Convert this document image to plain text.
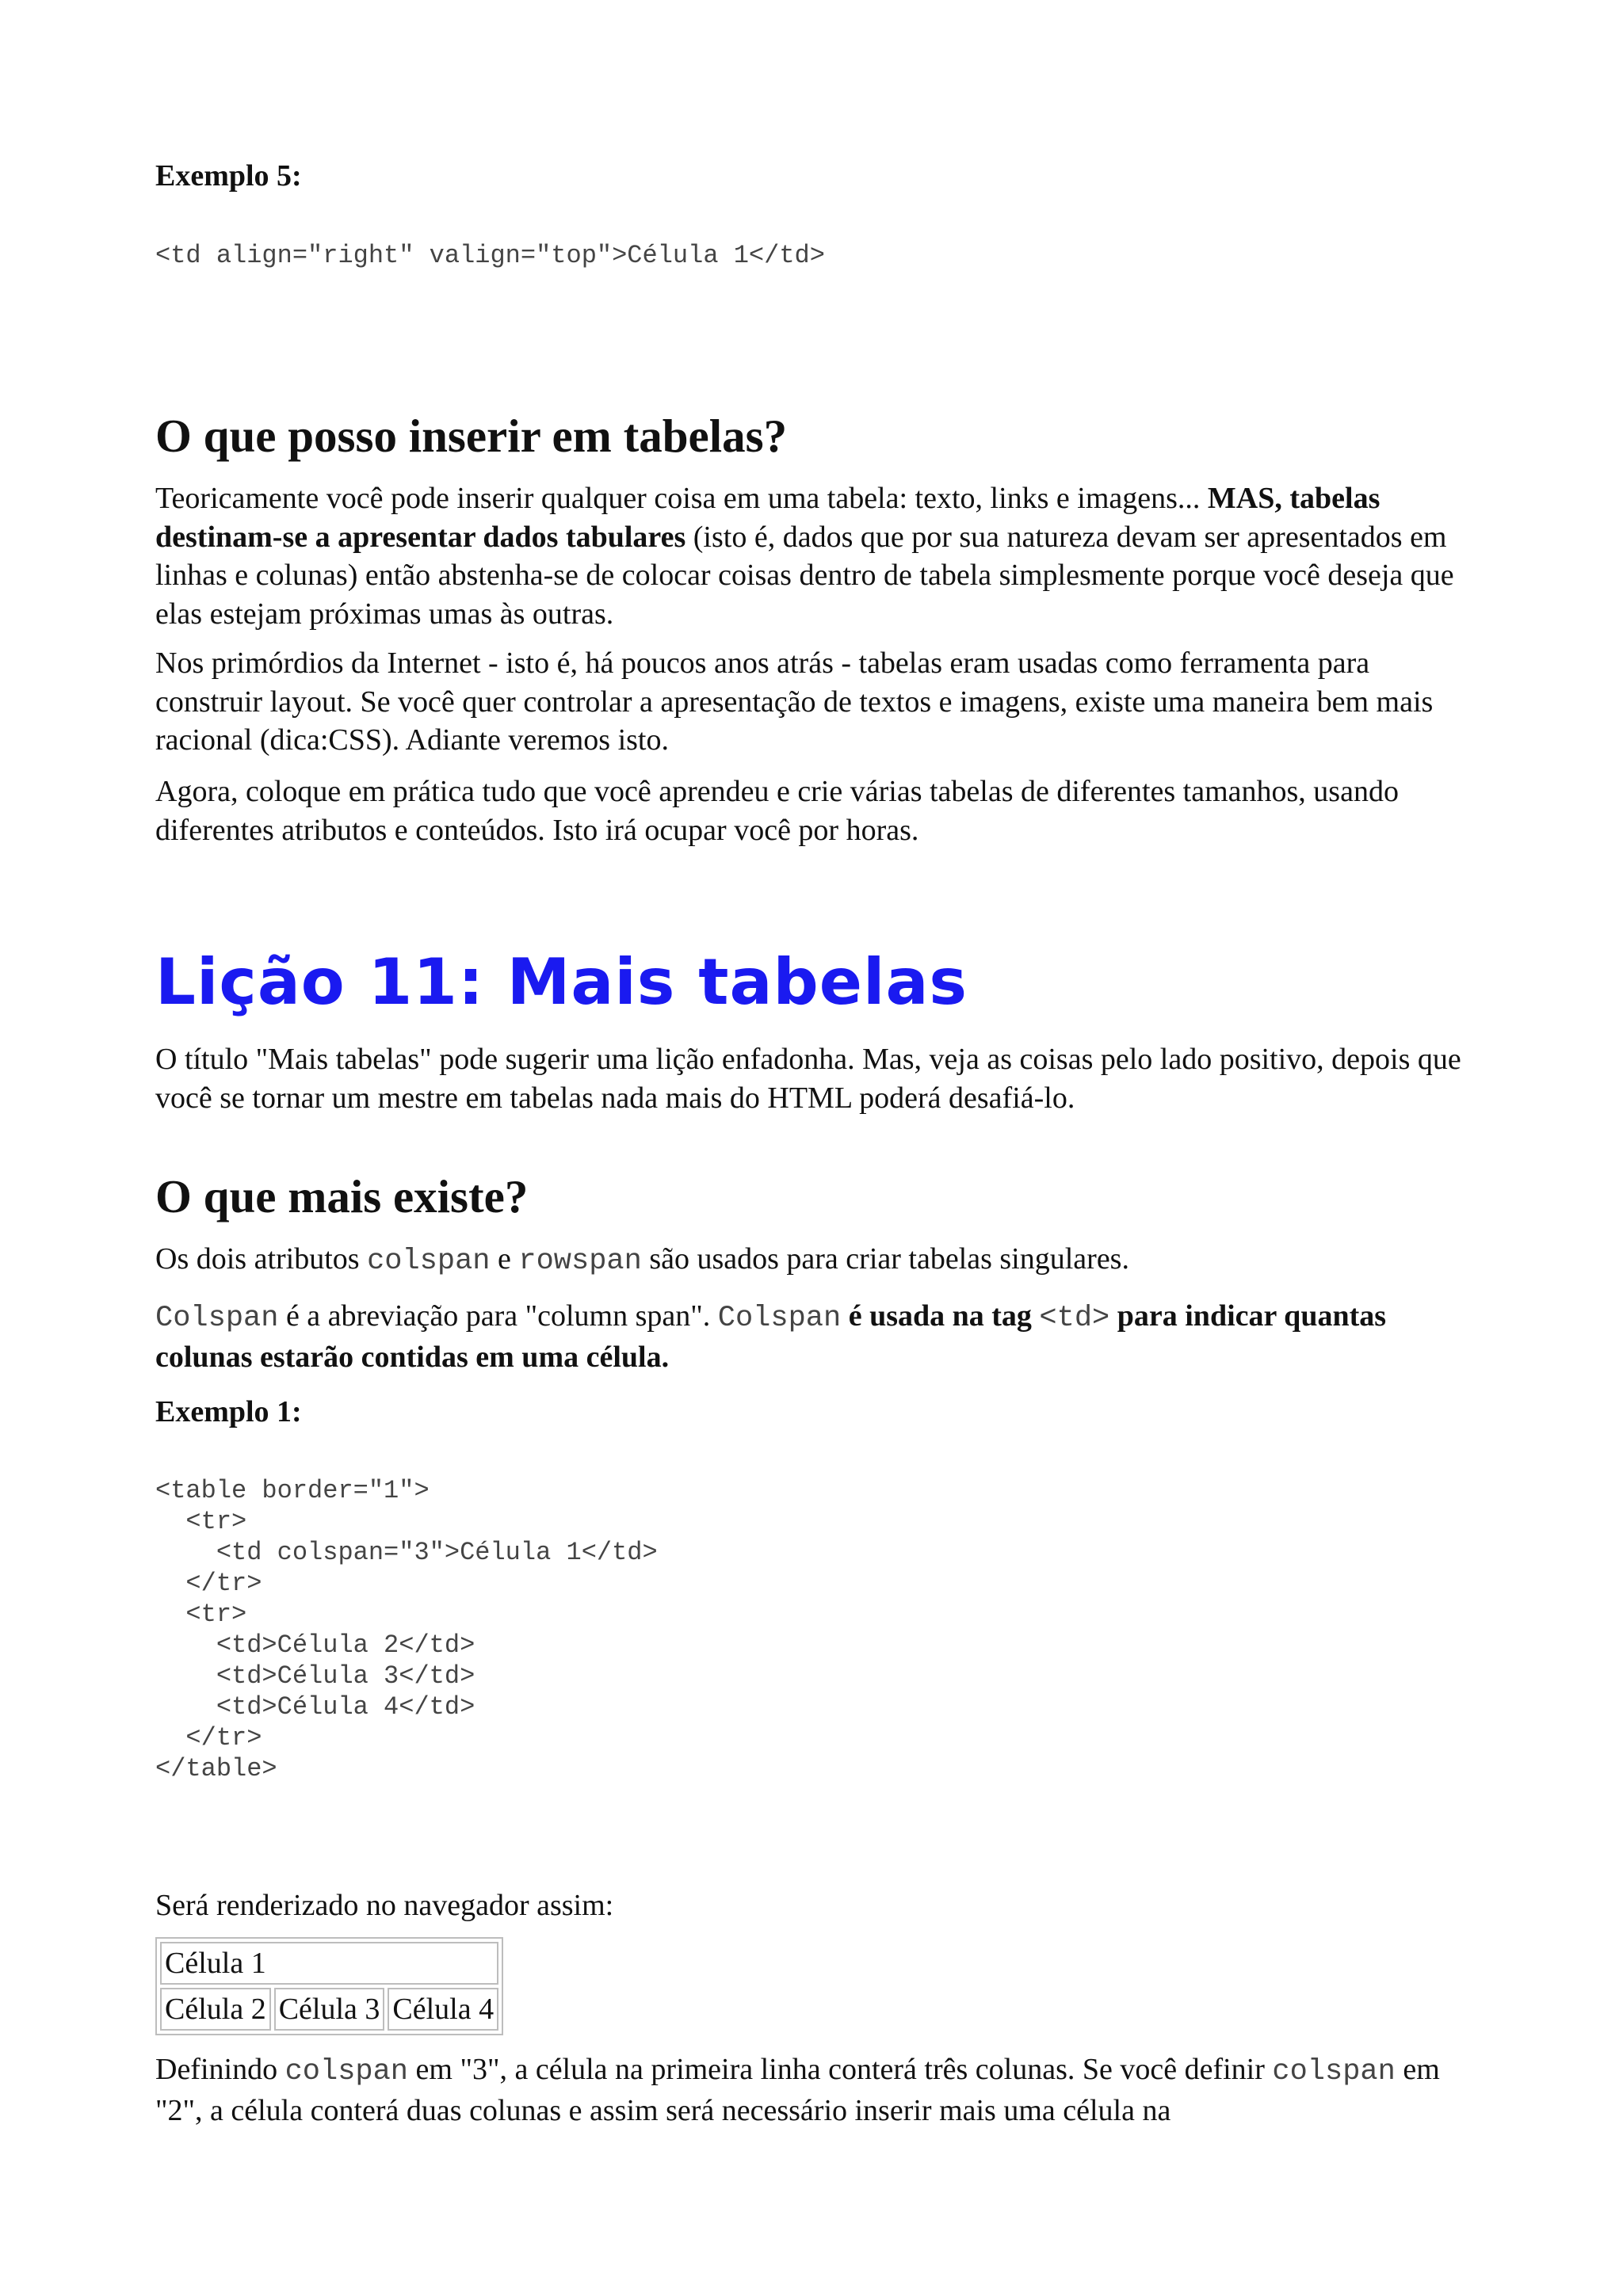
Exemplo 5:

<td align="right" valign="top">Célula 1</td>

O que posso inserir em tabelas?

Teoricamente você pode inserir qualquer coisa em uma tabela: texto, links e imagens... MAS, tabelas destinam-se a apresentar dados tabulares (isto é, dados que por sua natureza devam ser apresentados em linhas e colunas) então abstenha-se de colocar coisas dentro de tabela simplesmente porque você deseja que elas estejam próximas umas às outras.

Nos primórdios da Internet - isto é, há poucos anos atrás - tabelas eram usadas como ferramenta para construir layout. Se você quer controlar a apresentação de textos e imagens, existe uma maneira bem mais racional (dica:CSS). Adiante veremos isto.

Agora, coloque em prática tudo que você aprendeu e crie várias tabelas de diferentes tamanhos, usando diferentes atributos e conteúdos. Isto irá ocupar você por horas.

Lição 11: Mais tabelas

O título "Mais tabelas" pode sugerir uma lição enfadonha. Mas, veja as coisas pelo lado positivo, depois que você se tornar um mestre em tabelas nada mais do HTML poderá desafiá-lo.

O que mais existe?

Os dois atributos colspan e rowspan são usados para criar tabelas singulares.

Colspan é a abreviação para "column span". Colspan é usada na tag <td> para indicar quantas colunas estarão contidas em uma célula.

Exemplo 1:

<table border="1">

<tr>

<td colspan="3">Célula 1</td>

</tr>

<tr>

<td>Célula 2</td>

<td>Célula 3</td>

<td>Célula 4</td>

</tr>

</table>

Será renderizado no navegador assim:

Célula 1
Célula 2	Célula 3	Célula 4

Definindo colspan em "3", a célula na primeira linha conterá três colunas. Se você definir colspan em "2", a célula conterá duas colunas e assim será necessário inserir mais uma célula na
